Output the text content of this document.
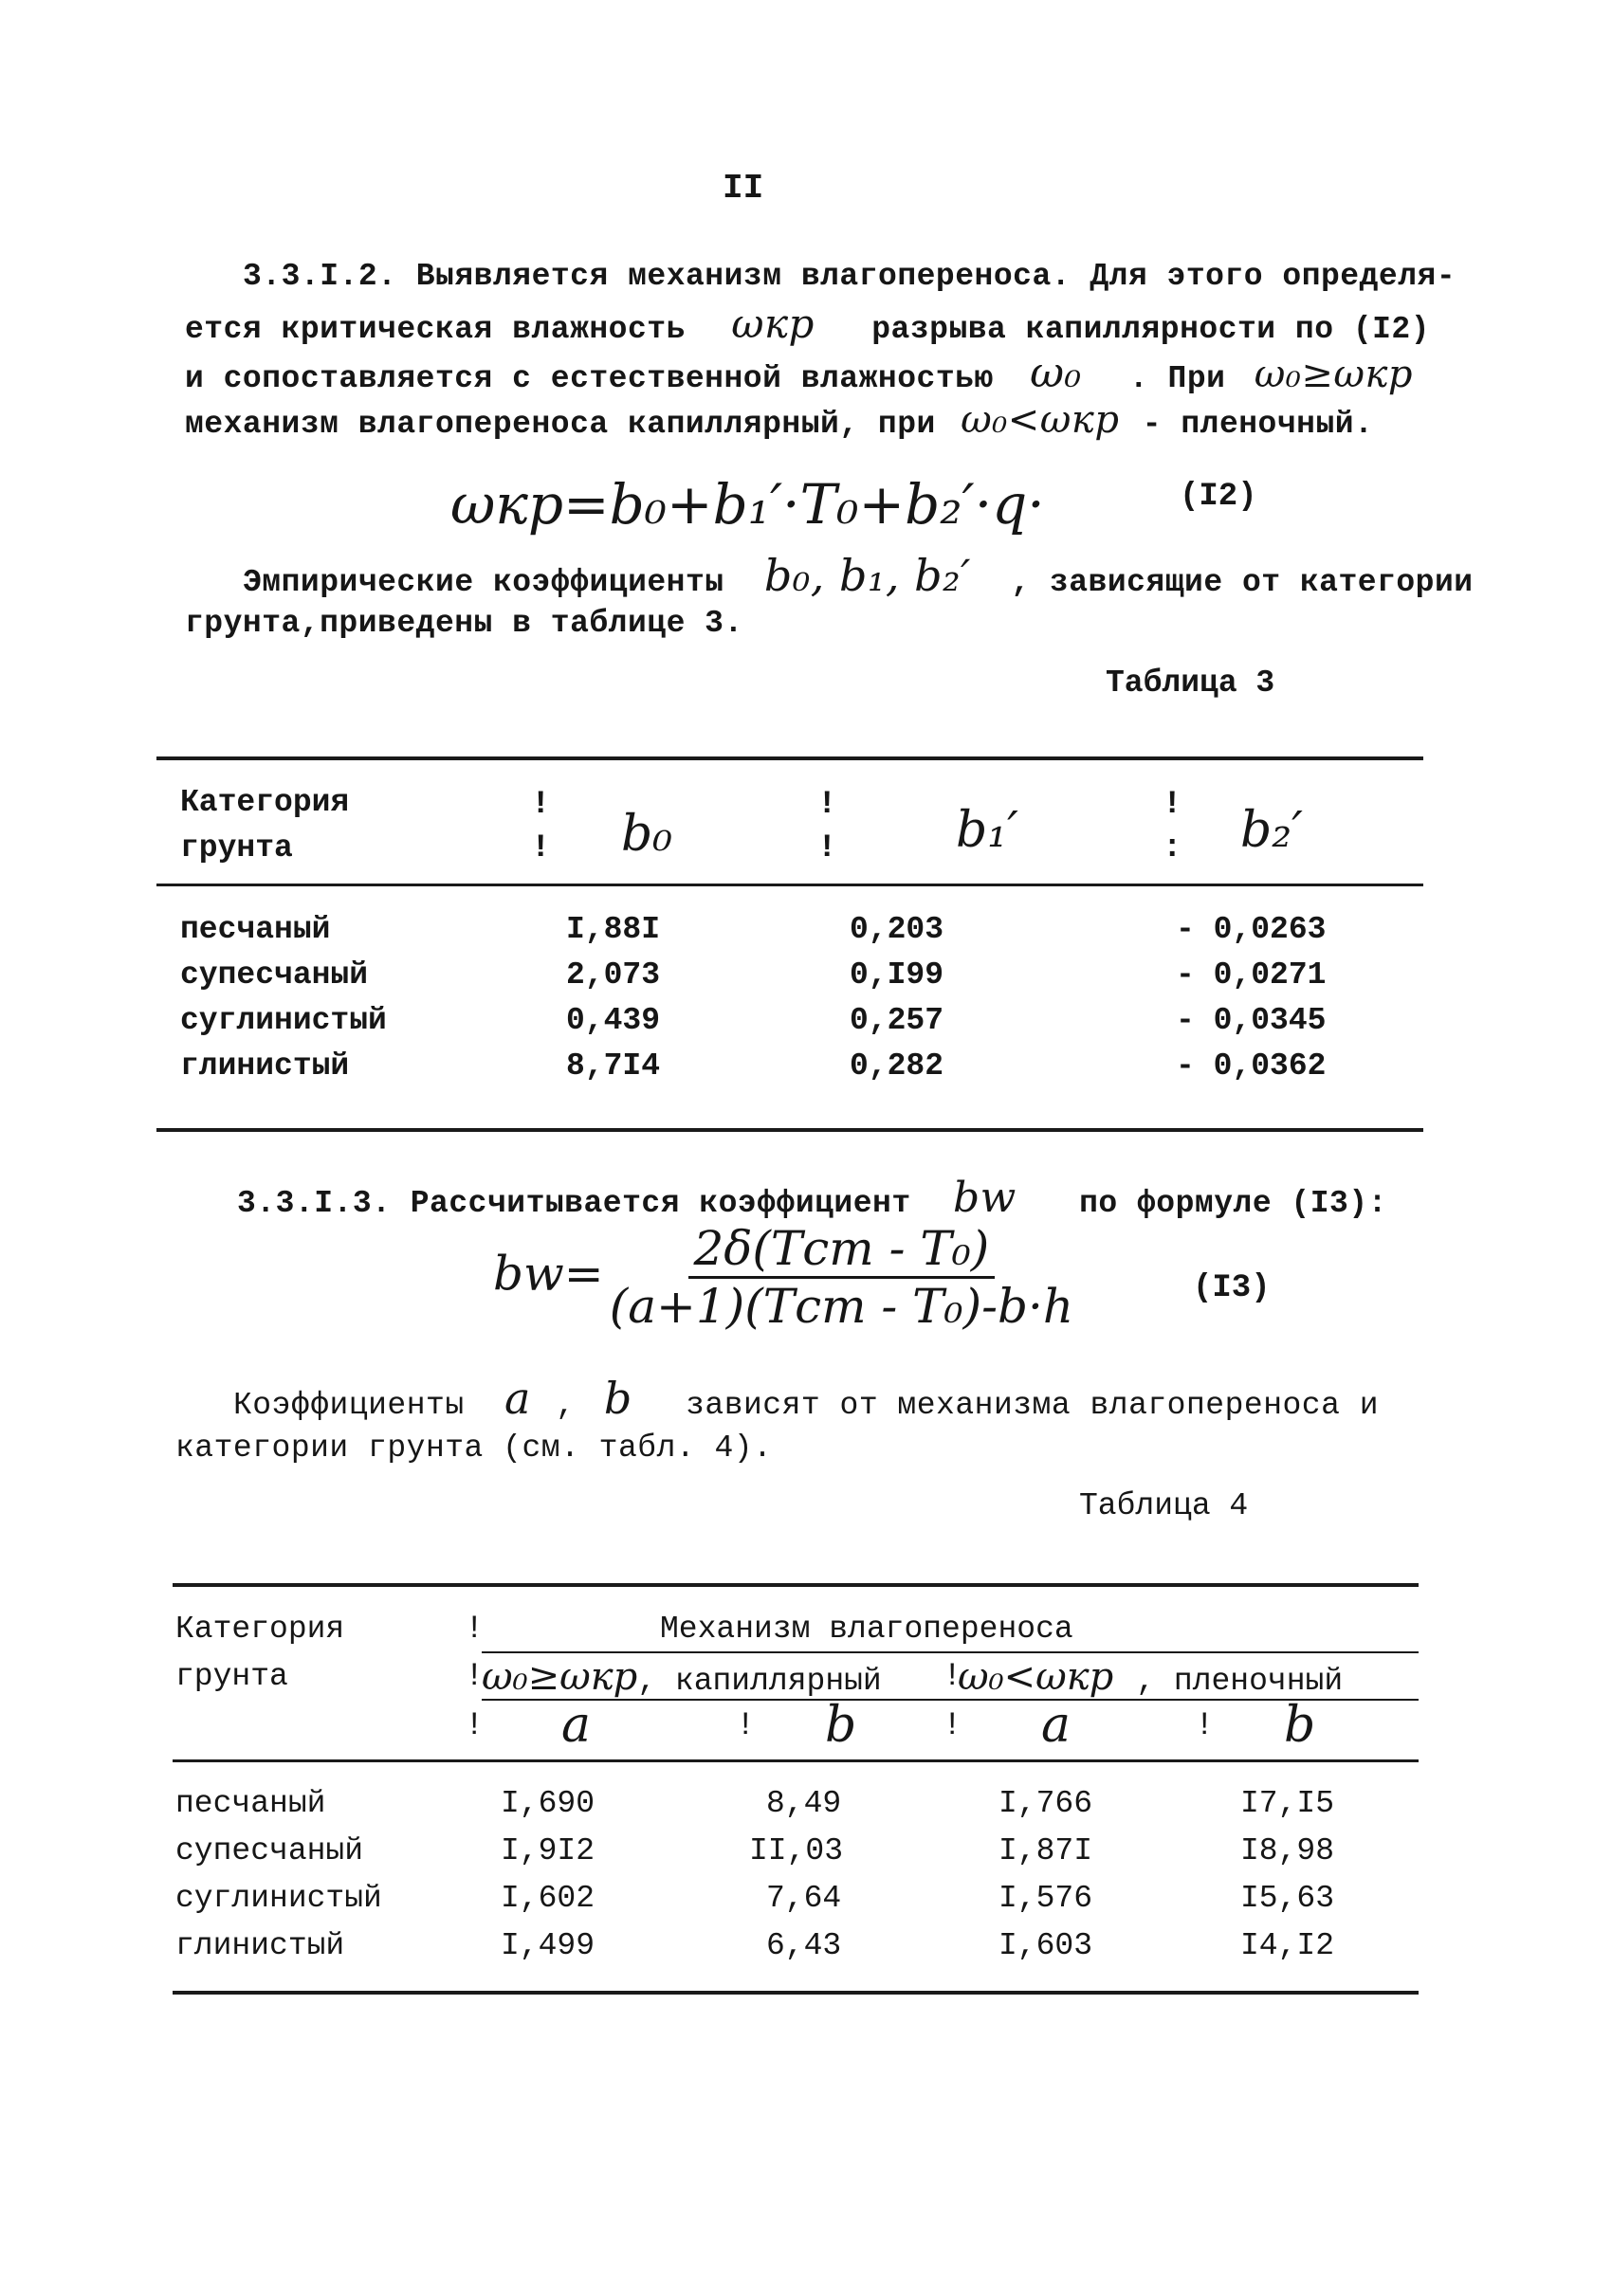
II
3.3.I.2. Выявляется механизм влагопереноса. Для этого определя-
ется критическая влажность ωкр разрыва капиллярности по (I2)
и сопоставляется с естественной влажностью ω₀ . При ω₀≥ωкр
механизм влагопереноса капиллярный, при ω₀<ωкр - пленочный.
ωкр=b₀+b₁′·T₀+b₂′·q·	(I2)
Эмпирические коэффициенты b₀, b₁, b₂′ , зависящие от категории
грунта,приведены в таблице 3.
Таблица 3
Категория
грунта
!
!
!
!
!
:
b₀	b₁′	b₂′
песчаный	I,88I	0,203	- 0,0263
супесчаный	2,073	0,I99	- 0,0271
суглинистый	0,439	0,257	- 0,0345
глинистый	8,7I4	0,282	- 0,0362
3.3.I.3. Рассчитывается коэффициент bw по формуле (I3):
$bw= \frac{\text{2δ(Tст - T₀)}}{\text{(a+1)(Tст - T₀)-b·h}}$	(I3)
Коэффициенты a , b зависят от механизма влагопереноса и
категории грунта (см. табл. 4).
Таблица 4
Категория
грунта
!	Механизм влагопереноса
!
ω₀≥ωкр, капиллярный !
ω₀<ωкр , пленочный
!	!	!	!
a	b	a	b
песчаный	I,690	8,49	I,766	I7,I5
супесчаный	I,9I2	II,03	I,87I	I8,98
суглинистый	I,602	7,64	I,576	I5,63
глинистый	I,499	6,43	I,603	I4,I2
